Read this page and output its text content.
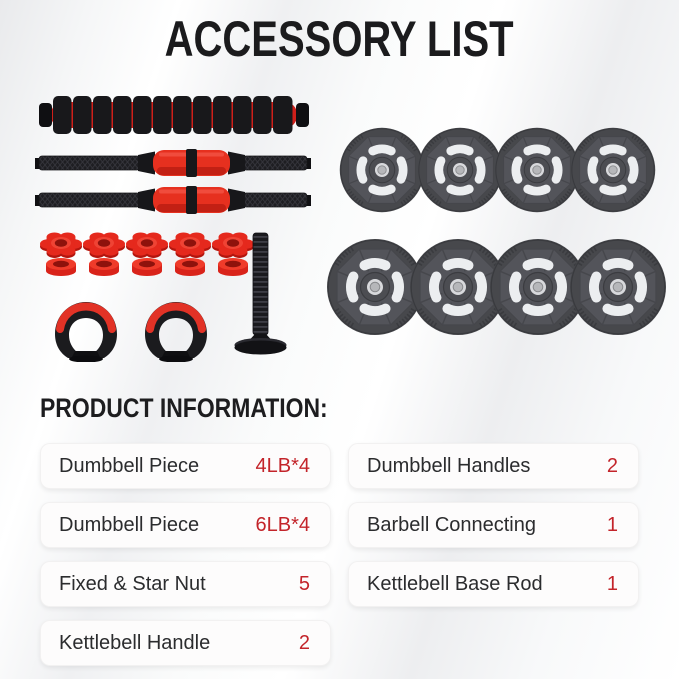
ACCESSORY LIST
PRODUCT INFORMATION:
Dumbbell Piece	4LB*4
Dumbbell Piece	6LB*4
Fixed & Star Nut	5
Kettlebell Handle	2
Dumbbell Handles	2
Barbell Connecting	1
Kettlebell Base Rod	1
